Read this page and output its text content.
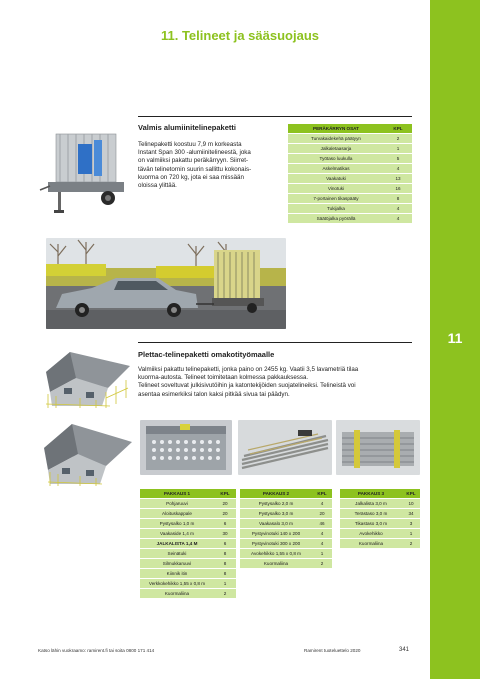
11. Telineet ja sääsuojaus
11
Valmis alumiinitelinepaketti
Telinepaketti koostuu 7,9 m korkeasta
Instant Span 300 -alumiinitelineestä, joka
on valmiiksi pakattu peräkärryyn. Siirret-
tävän telinetornin suurin sallittu kokonais-
kuorma on 720 kg, jota ei saa missään
oloissa ylittää.
PERÄKÄRRYN OSAT	KPL
Turvakaidekehä päätyyn	2
Jalkaletaasarja	1
Työtaso luukulla	5
Askelmatikas	4
Vaakatuki	13
Vinotuki	16
7-portainen tikaspääty	8
Tukijalka	4
Säätöjalka pyörällä	4
Plettac-telinepaketti omakotityömaalle
Valmiiksi pakattu telinepaketti, jonka paino on 2455 kg. Vaatii 3,5 lavametriä tilaa
kuorma-autosta. Telineet toimitetaan kolmessa pakkauksessa.
Telineet soveltuvat julkisivutöihin ja katontekijöiden suojatelineiksi. Telineistä voi
asentaa esimerkiksi talon kaksi pitkää sivua tai päädyn.
PAKKAUS 1	KPL
Pohjaruuvi	20
Aloituskappale	20
Pystysalko 1,0 m	6
Vaakaside 1,4 m	30
JALKALISTA 1,4 M	6
Seinätuki	8
Silmukkaruuvi	8
Kiinnik itin	8
Verkkokehikko 1,55 x 0,8 m	1
Kuormaliina	2
PAKKAUS 2	KPL
Pystysalko 2,0 m	4
Pystysalko 3,0 m	20
Vaakasalo 3,0 m	46
Pystyvinotuki 140 x 200	4
Pystyvinotuki 300 x 200	4
Avokehikko 1,55 x 0,8 m	1
Kuormaliina	2
PAKKAUS 3	KPL
Jalkalista 3,0 m	10
Terästaso 3,0 m	34
Tikastaso 3,0 m	3
Avokehikko	1
Kuormaliina	2
Katso lähin vuokraamo: ramirent.fi tai soita 0800 171 414	Ramirent tuoteluettelo 2020	341
